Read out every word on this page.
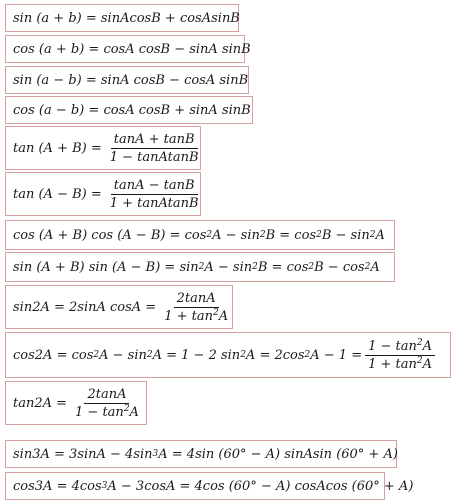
sin (a + b) = sinAcosB + cosAsinB
cos (a + b) = cosA cosB − sinA sinB
sin (a − b) = sinA cosB − cosA sinB
cos (a − b) = cosA cosB + sinA sinB
$\tan (A + B) = \frac{\tan A + \tan B}{\text{1 − tanAtanB}}$
$\tan (A - B) = \frac{\tan A - \tan B}{\text{1 + tanAtanB}}$
cos (A + B) cos (A − B) = cos 2 A − sin 2 B = cos 2 B − sin 2 A
sin (A + B) sin (A − B) = sin 2 A − sin 2 B = cos 2 B − cos 2 A
sin2A = 2sinA $\cos A = \frac{2\tan A}{1 + \tan^2A}$
cos2A = cos 2 A − sin 2 A = 1 − 2 sin 2 A = 2cos 2 $A - 1 = \frac{1 - \tan^2A}{1 + \tan^2A}$
$\tan 2A = \frac{2\tan A}{1 - \tan^2A}$
sin3A = 3sinA − 4sin 3 A = 4sin (60° − A) sinAsin (60° + A)
cos3A = 4cos 3 A − 3cosA = 4cos (60° − A) cosAcos (60° + A)
